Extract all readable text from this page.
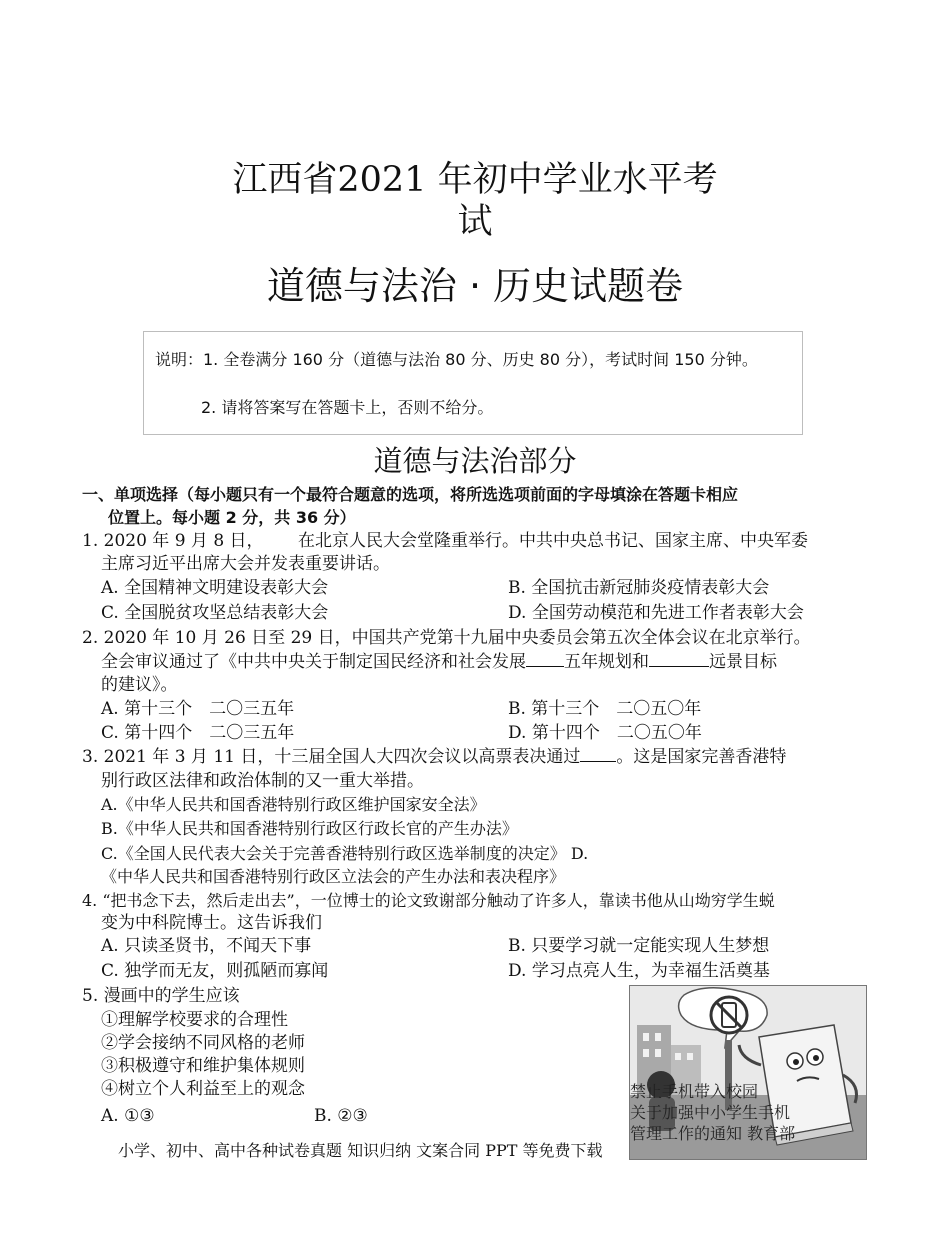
江西省2021 年初中学业水平考
试
道德与法治 · 历史试题卷
说明：1. 全卷满分 160 分（道德与法治 80 分、历史 80 分），考试时间 150 分钟。
2. 请将答案写在答题卡上，否则不给分。
道德与法治部分
一、单项选择（每小题只有一个最符合题意的选项，将所选选项前面的字母填涂在答题卡相应
位置上。每小题 2 分，共 36 分）
1. 2020 年 9 月 8 日， 在北京人民大会堂隆重举行。中共中央总书记、国家主席、中央军委
主席习近平出席大会并发表重要讲话。
A. 全国精神文明建设表彰大会	B. 全国抗击新冠肺炎疫情表彰大会
C. 全国脱贫攻坚总结表彰大会	D. 全国劳动模范和先进工作者表彰大会
2. 2020 年 10 月 26 日至 29 日，中国共产党第十九届中央委员会第五次全体会议在北京举行。
全会审议通过了《中共中央关于制定国民经济和社会发展 五年规划和	远景目标
的建议》。
A. 第十三个　二〇三五年	B. 第十三个　二〇五〇年
C. 第十四个　二〇三五年	D. 第十四个　二〇五〇年
3. 2021 年 3 月 11 日，十三届全国人大四次会议以高票表决通过 。这是国家完善香港特
别行政区法律和政治体制的又一重大举措。
A.《中华人民共和国香港特别行政区维护国家安全法》
B.《中华人民共和国香港特别行政区行政长官的产生办法》
C.《全国人民代表大会关于完善香港特别行政区选举制度的决定》 D.
《中华人民共和国香港特别行政区立法会的产生办法和表决程序》
4. “把书念下去，然后走出去”，一位博士的论文致谢部分触动了许多人，靠读书他从山坳穷学生蜕
变为中科院博士。这告诉我们
A. 只读圣贤书，不闻天下事	B. 只要学习就一定能实现人生梦想
C. 独学而无友，则孤陋而寡闻	D. 学习点亮人生，为幸福生活奠基
5. 漫画中的学生应该
①理解学校要求的合理性
②学会接纳不同风格的老师
③积极遵守和维护集体规则
④树立个人利益至上的观念
A. ①③	B. ②③
禁止手机带入校园
关于加强中小学生手机
管理工作的通知 教育部
小学、初中、高中各种试卷真题 知识归纳 文案合同 PPT 等免费下载
